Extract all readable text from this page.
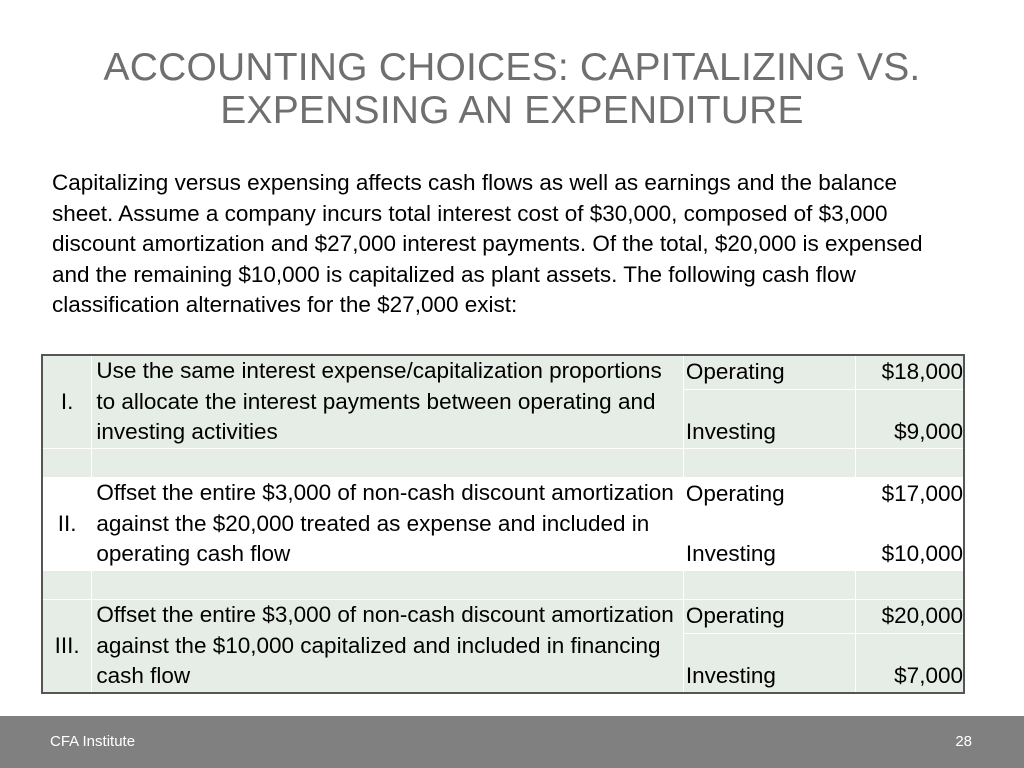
ACCOUNTING CHOICES: CAPITALIZING VS.
EXPENSING AN EXPENDITURE
Capitalizing versus expensing affects cash flows as well as earnings and the balance sheet. Assume a company incurs total interest cost of $30,000, composed of $3,000 discount amortization and $27,000 interest payments. Of the total, $20,000 is expensed and the remaining $10,000 is capitalized as plant assets. The following cash flow classification alternatives for the $27,000 exist:
I.	Use the same interest expense/capitalization proportions to allocate the interest payments between operating and investing activities	Operating	$18,000
		Investing	$9,000

II.	Offset the entire $3,000 of non-cash discount amortization against the $20,000 treated as expense and included in operating cash flow	Operating	$17,000
		Investing	$10,000

III.	Offset the entire $3,000 of non-cash discount amortization against the $10,000 capitalized and included in financing cash flow	Operating	$20,000
		Investing	$7,000
CFA Institute	28
